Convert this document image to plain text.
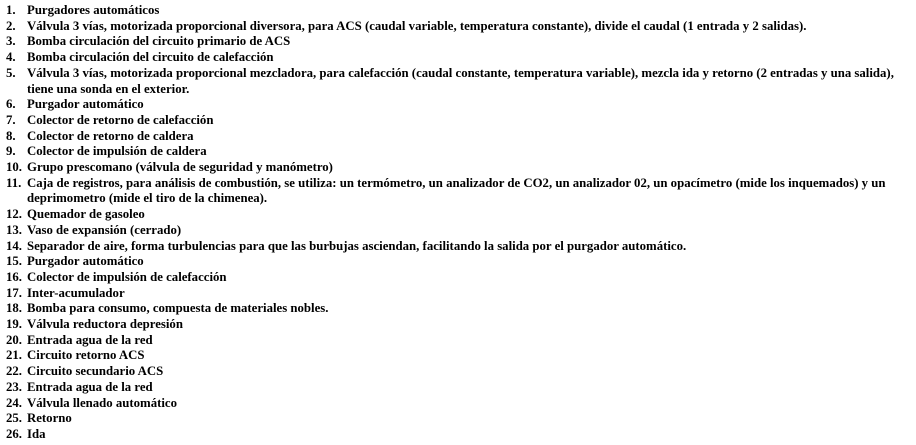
1. Purgadores automáticos
2. Válvula 3 vías, motorizada proporcional diversora, para ACS (caudal variable, temperatura constante), divide el caudal (1 entrada y 2 salidas).
3. Bomba circulación del circuito primario de ACS
4. Bomba circulación del circuito de calefacción
5. Válvula 3 vías, motorizada proporcional mezcladora, para calefacción (caudal constante, temperatura variable), mezcla ida y retorno (2 entradas y una salida), tiene una sonda en el exterior.
6. Purgador automático
7. Colector de retorno de calefacción
8. Colector de retorno de caldera
9. Colector de impulsión de caldera
10. Grupo prescomano (válvula de seguridad y manómetro)
11. Caja de registros, para análisis de combustión, se utiliza: un termómetro, un analizador de CO2, un analizador 02, un opacímetro (mide los inquemados) y un deprimometro (mide el tiro de la chimenea).
12. Quemador de gasoleo
13. Vaso de expansión (cerrado)
14. Separador de aire, forma turbulencias para que las burbujas asciendan, facilitando la salida por el purgador automático.
15. Purgador automático
16. Colector de impulsión de calefacción
17. Inter-acumulador
18. Bomba para consumo, compuesta de materiales nobles.
19. Válvula reductora depresión
20. Entrada agua de la red
21. Circuito retorno ACS
22. Circuito secundario ACS
23. Entrada agua de la red
24. Válvula llenado automático
25. Retorno
26. Ida
